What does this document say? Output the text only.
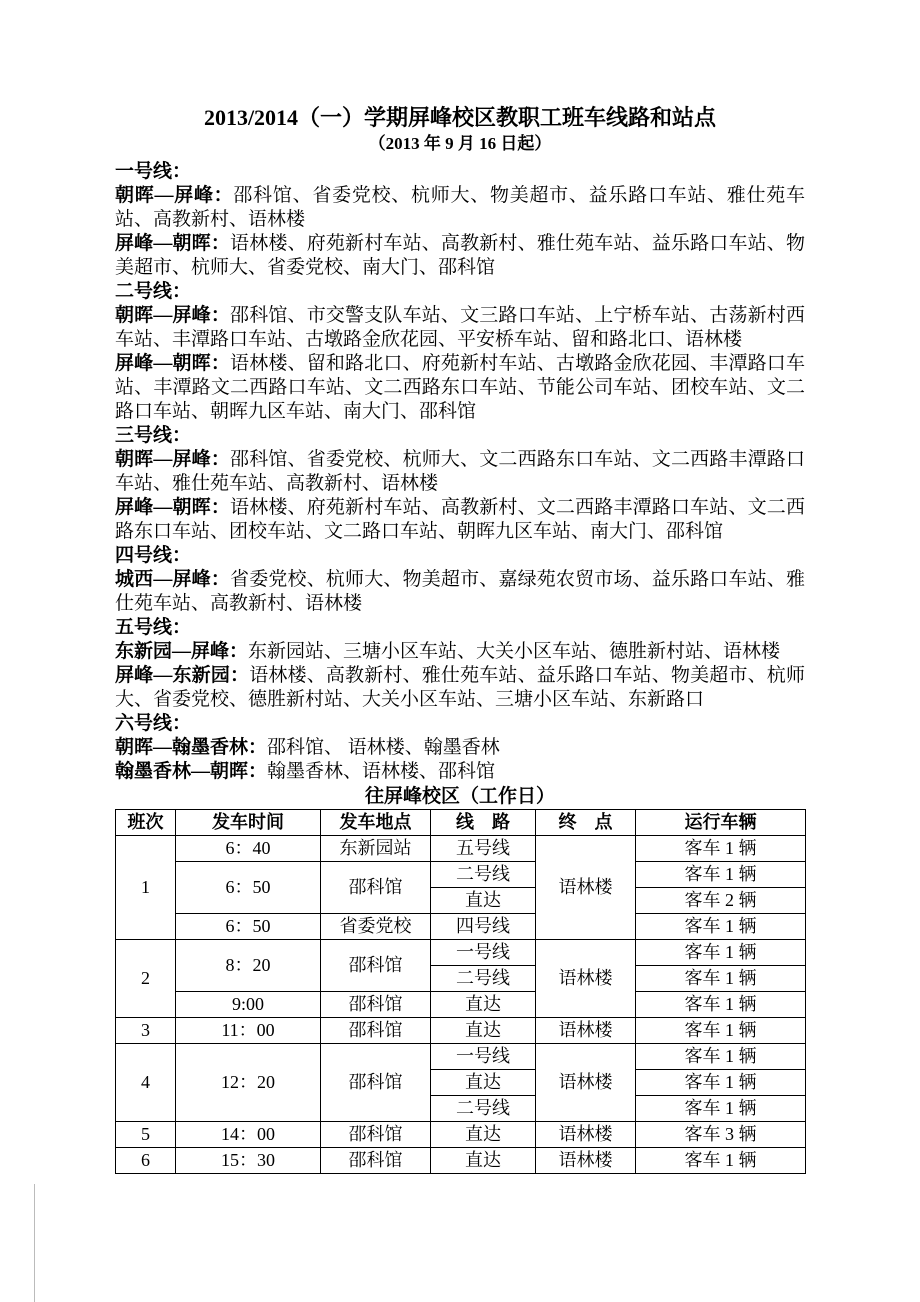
2013/2014（一）学期屏峰校区教职工班车线路和站点

（2013 年 9 月 16 日起）

一号线：

朝晖—屏峰：邵科馆、省委党校、杭师大、物美超市、益乐路口车站、雅仕苑车站、高教新村、语林楼

屏峰—朝晖：语林楼、府苑新村车站、高教新村、雅仕苑车站、益乐路口车站、物美超市、杭师大、省委党校、南大门、邵科馆

二号线：

朝晖—屏峰：邵科馆、市交警支队车站、文三路口车站、上宁桥车站、古荡新村西车站、丰潭路口车站、古墩路金欣花园、平安桥车站、留和路北口、语林楼

屏峰—朝晖：语林楼、留和路北口、府苑新村车站、古墩路金欣花园、丰潭路口车站、丰潭路文二西路口车站、文二西路东口车站、节能公司车站、团校车站、文二路口车站、朝晖九区车站、南大门、邵科馆

三号线：

朝晖—屏峰：邵科馆、省委党校、杭师大、文二西路东口车站、文二西路丰潭路口车站、雅仕苑车站、高教新村、语林楼

屏峰—朝晖：语林楼、府苑新村车站、高教新村、文二西路丰潭路口车站、文二西路东口车站、团校车站、文二路口车站、朝晖九区车站、南大门、邵科馆

四号线：

城西—屏峰：省委党校、杭师大、物美超市、嘉绿苑农贸市场、益乐路口车站、雅仕苑车站、高教新村、语林楼

五号线：

东新园—屏峰：东新园站、三塘小区车站、大关小区车站、德胜新村站、语林楼

屏峰—东新园：语林楼、高教新村、雅仕苑车站、益乐路口车站、物美超市、杭师大、省委党校、德胜新村站、大关小区车站、三塘小区车站、东新路口

六号线：

朝晖—翰墨香林：邵科馆、 语林楼、翰墨香林

翰墨香林—朝晖：翰墨香林、语林楼、邵科馆

往屏峰校区（工作日）

班次	发车时间	发车地点	线　路	终　点	运行车辆
1	6：40	东新园站	五号线	语林楼	客车 1 辆
	6：50	邵科馆	二号线		客车 1 辆
			直达		客车 2 辆
	6：50	省委党校	四号线		客车 1 辆
2	8：20	邵科馆	一号线	语林楼	客车 1 辆
			二号线		客车 1 辆
	9:00	邵科馆	直达		客车 1 辆
3	11：00	邵科馆	直达	语林楼	客车 1 辆
4	12：20	邵科馆	一号线	语林楼	客车 1 辆
			直达		客车 1 辆
			二号线		客车 1 辆
5	14：00	邵科馆	直达	语林楼	客车 3 辆
6	15：30	邵科馆	直达	语林楼	客车 1 辆
